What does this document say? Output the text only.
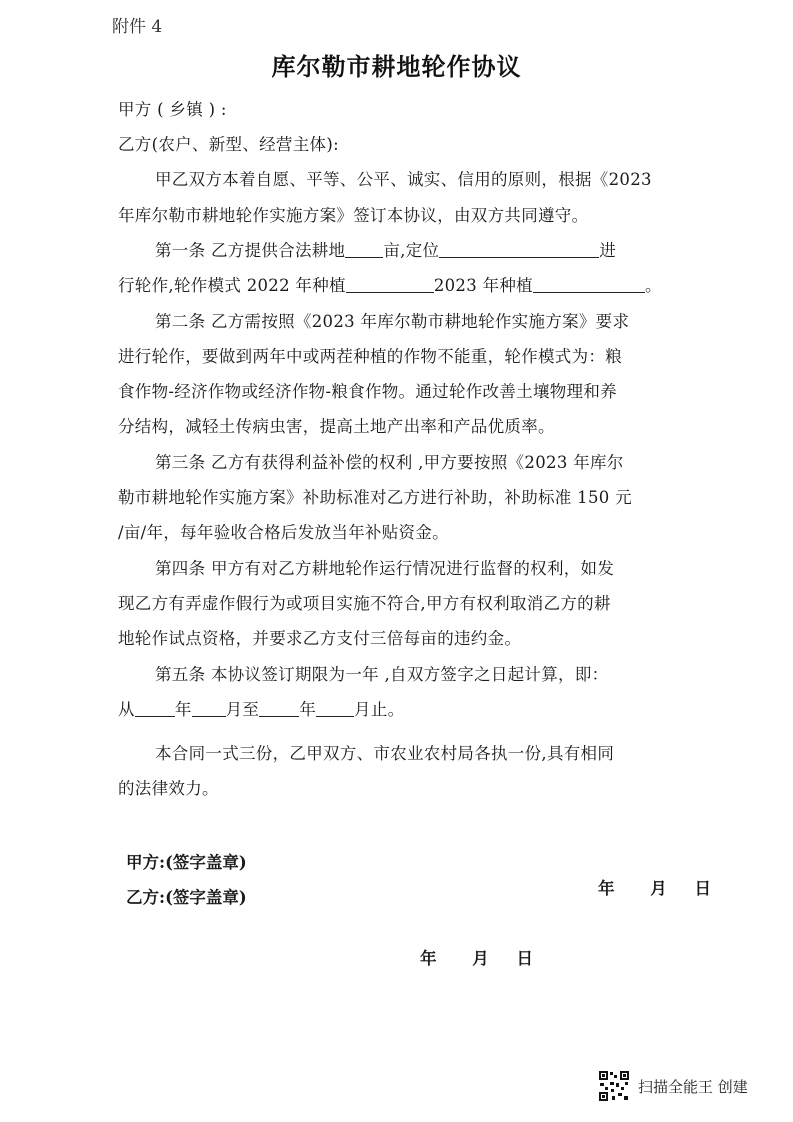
附件 4
库尔勒市耕地轮作协议
甲方 ( 乡镇 ) :
乙方(农户、新型、经营主体):
甲乙双方本着自愿、平等、公平、诚实、信用的原则，根据《2023
年库尔勒市耕地轮作实施方案》签订本协议，由双方共同遵守。
第一条 乙方提供合法耕地 亩,定位	进
行轮作,轮作模式 2022 年种植	2023 年种植	。
第二条 乙方需按照《2023 年库尔勒市耕地轮作实施方案》要求
进行轮作，要做到两年中或两茬种植的作物不能重，轮作模式为：粮
食作物-经济作物或经济作物-粮食作物。通过轮作改善土壤物理和养
分结构，减轻土传病虫害，提高土地产出率和产品优质率。
第三条 乙方有获得利益补偿的权利 ,甲方要按照《2023 年库尔
勒市耕地轮作实施方案》补助标准对乙方进行补助，补助标准 150 元
/亩/年，每年验收合格后发放当年补贴资金。
第四条 甲方有对乙方耕地轮作运行情况进行监督的权利，如发
现乙方有弄虚作假行为或项目实施不符合,甲方有权利取消乙方的耕
地轮作试点资格，并要求乙方支付三倍每亩的违约金。
第五条 本协议签订期限为一年 ,自双方签字之日起计算，即：
从 年 月至 年 月止。
本合同一式三份，乙甲双方、市农业农村局各执一份,具有相同
的法律效力。
甲方:(签字盖章)
乙方:(签字盖章)	年 月 日
年 月 日
扫描全能王 创建
